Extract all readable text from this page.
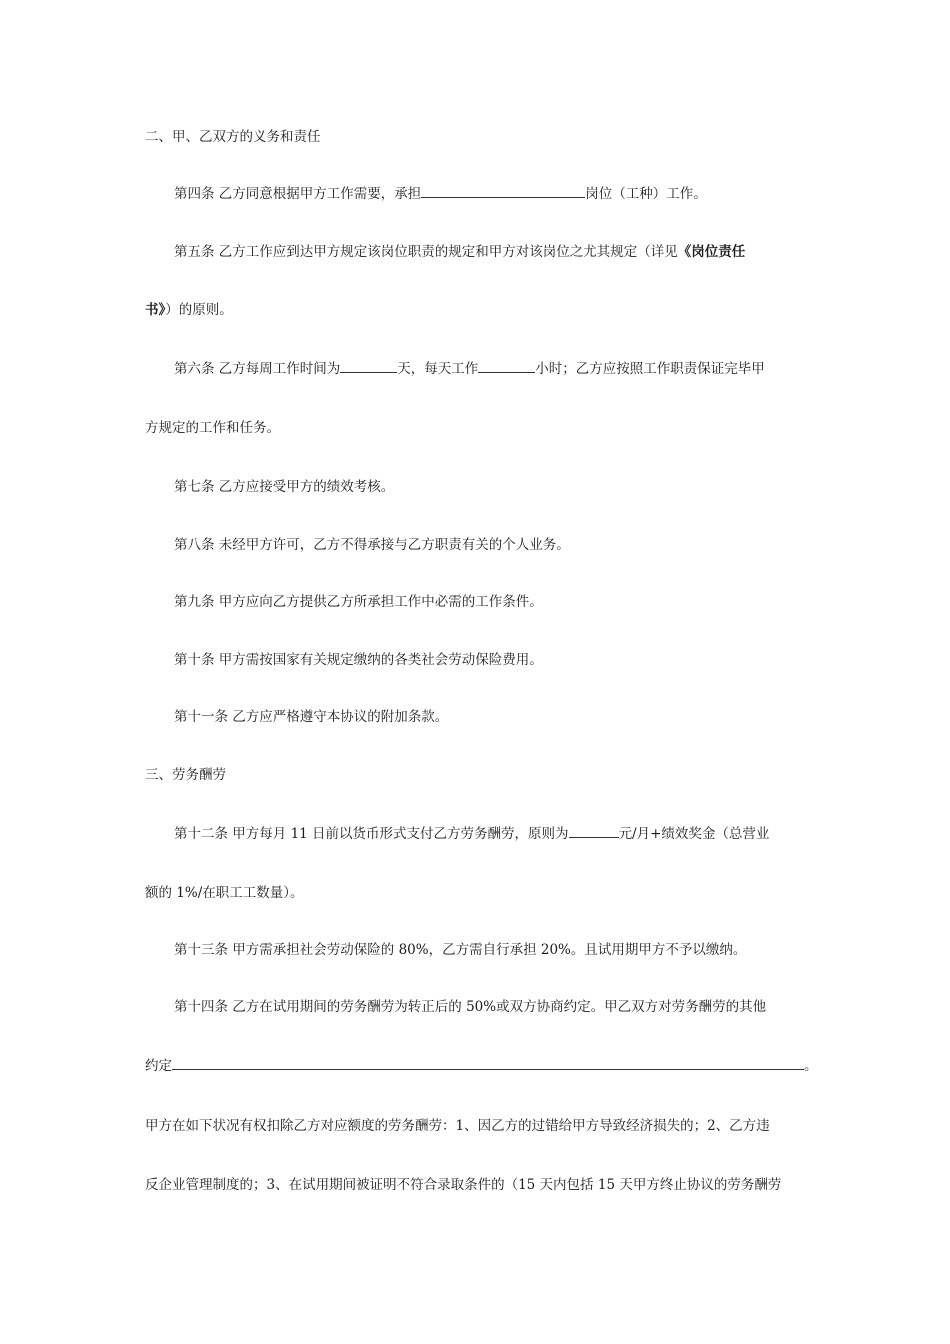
二、甲、乙双方的义务和责任
第四条 乙方同意根据甲方工作需要，承担	岗位（工种）工作。
第五条 乙方工作应到达甲方规定该岗位职责的规定和甲方对该岗位之尤其规定（详见《岗位责任
书》）的原则。
第六条 乙方每周工作时间为	天，每天工作	小时；乙方应按照工作职责保证完毕甲
方规定的工作和任务。
第七条 乙方应接受甲方的绩效考核。
第八条 未经甲方许可，乙方不得承接与乙方职责有关的个人业务。
第九条 甲方应向乙方提供乙方所承担工作中必需的工作条件。
第十条 甲方需按国家有关规定缴纳的各类社会劳动保险费用。
第十一条 乙方应严格遵守本协议的附加条款。
三、劳务酬劳
第十二条 甲方每月 11 日前以货币形式支付乙方劳务酬劳，原则为	元/月+绩效奖金（总营业
额的 1%/在职工工数量）。
第十三条 甲方需承担社会劳动保险的 80%，乙方需自行承担 20%。且试用期甲方不予以缴纳。
第十四条 乙方在试用期间的劳务酬劳为转正后的 50%或双方协商约定。甲乙双方对劳务酬劳的其他
约定	。
甲方在如下状况有权扣除乙方对应额度的劳务酬劳：1、因乙方的过错给甲方导致经济损失的；2、乙方违
反企业管理制度的；3、在试用期间被证明不符合录取条件的（15 天内包括 15 天甲方终止协议的劳务酬劳
